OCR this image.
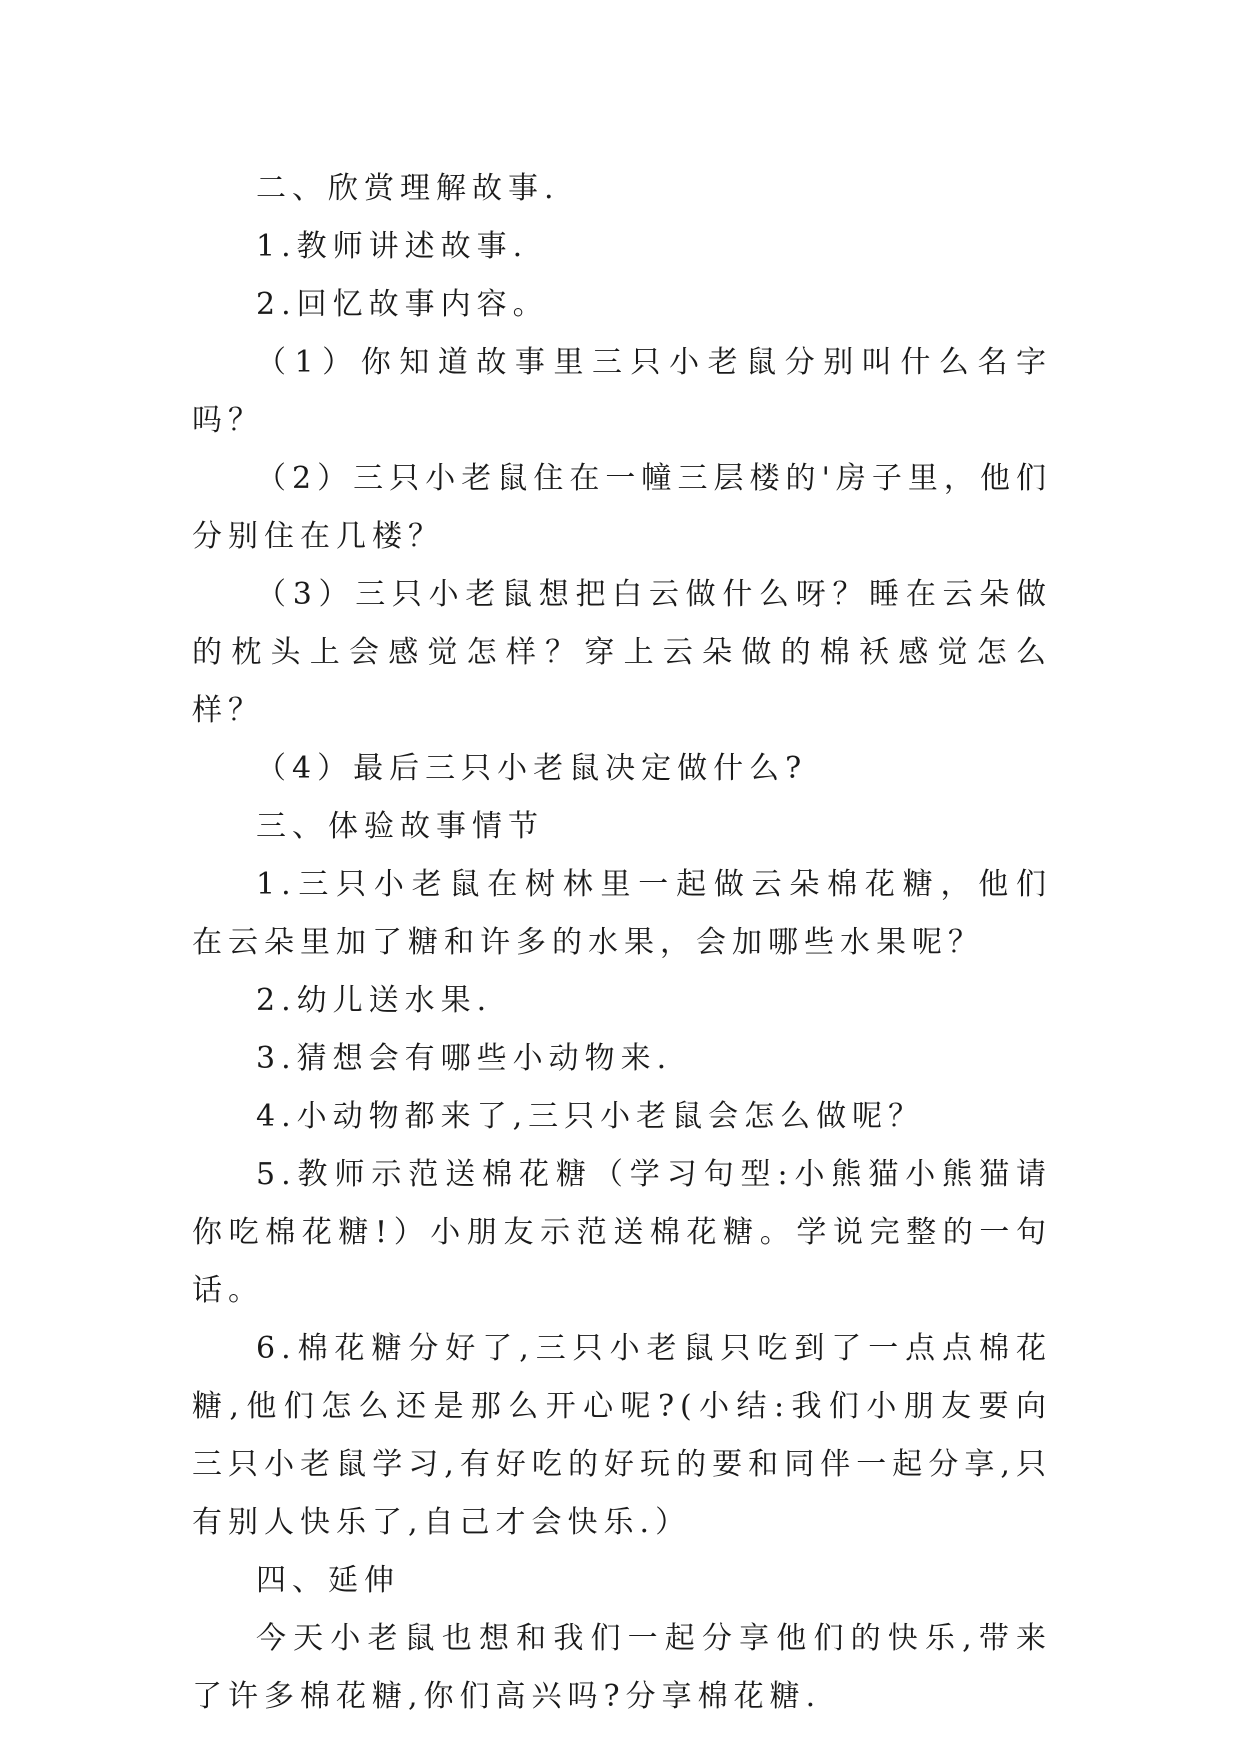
二、欣赏理解故事.

1.教师讲述故事.

2.回忆故事内容。

（1）你知道故事里三只小老鼠分别叫什么名字吗？

（2）三只小老鼠住在一幢三层楼的'房子里，他们分别住在几楼？

（3）三只小老鼠想把白云做什么呀？睡在云朵做的枕头上会感觉怎样？穿上云朵做的棉袄感觉怎么样？

（4）最后三只小老鼠决定做什么?

三、体验故事情节

1.三只小老鼠在树林里一起做云朵棉花糖，他们在云朵里加了糖和许多的水果，会加哪些水果呢？

2.幼儿送水果.

3.猜想会有哪些小动物来.

4.小动物都来了,三只小老鼠会怎么做呢？

5.教师示范送棉花糖（学习句型:小熊猫小熊猫请你吃棉花糖!）小朋友示范送棉花糖。学说完整的一句话。

6.棉花糖分好了,三只小老鼠只吃到了一点点棉花糖,他们怎么还是那么开心呢?(小结:我们小朋友要向三只小老鼠学习,有好吃的好玩的要和同伴一起分享,只有别人快乐了,自己才会快乐.）

四、延伸

今天小老鼠也想和我们一起分享他们的快乐,带来了许多棉花糖,你们高兴吗?分享棉花糖.
